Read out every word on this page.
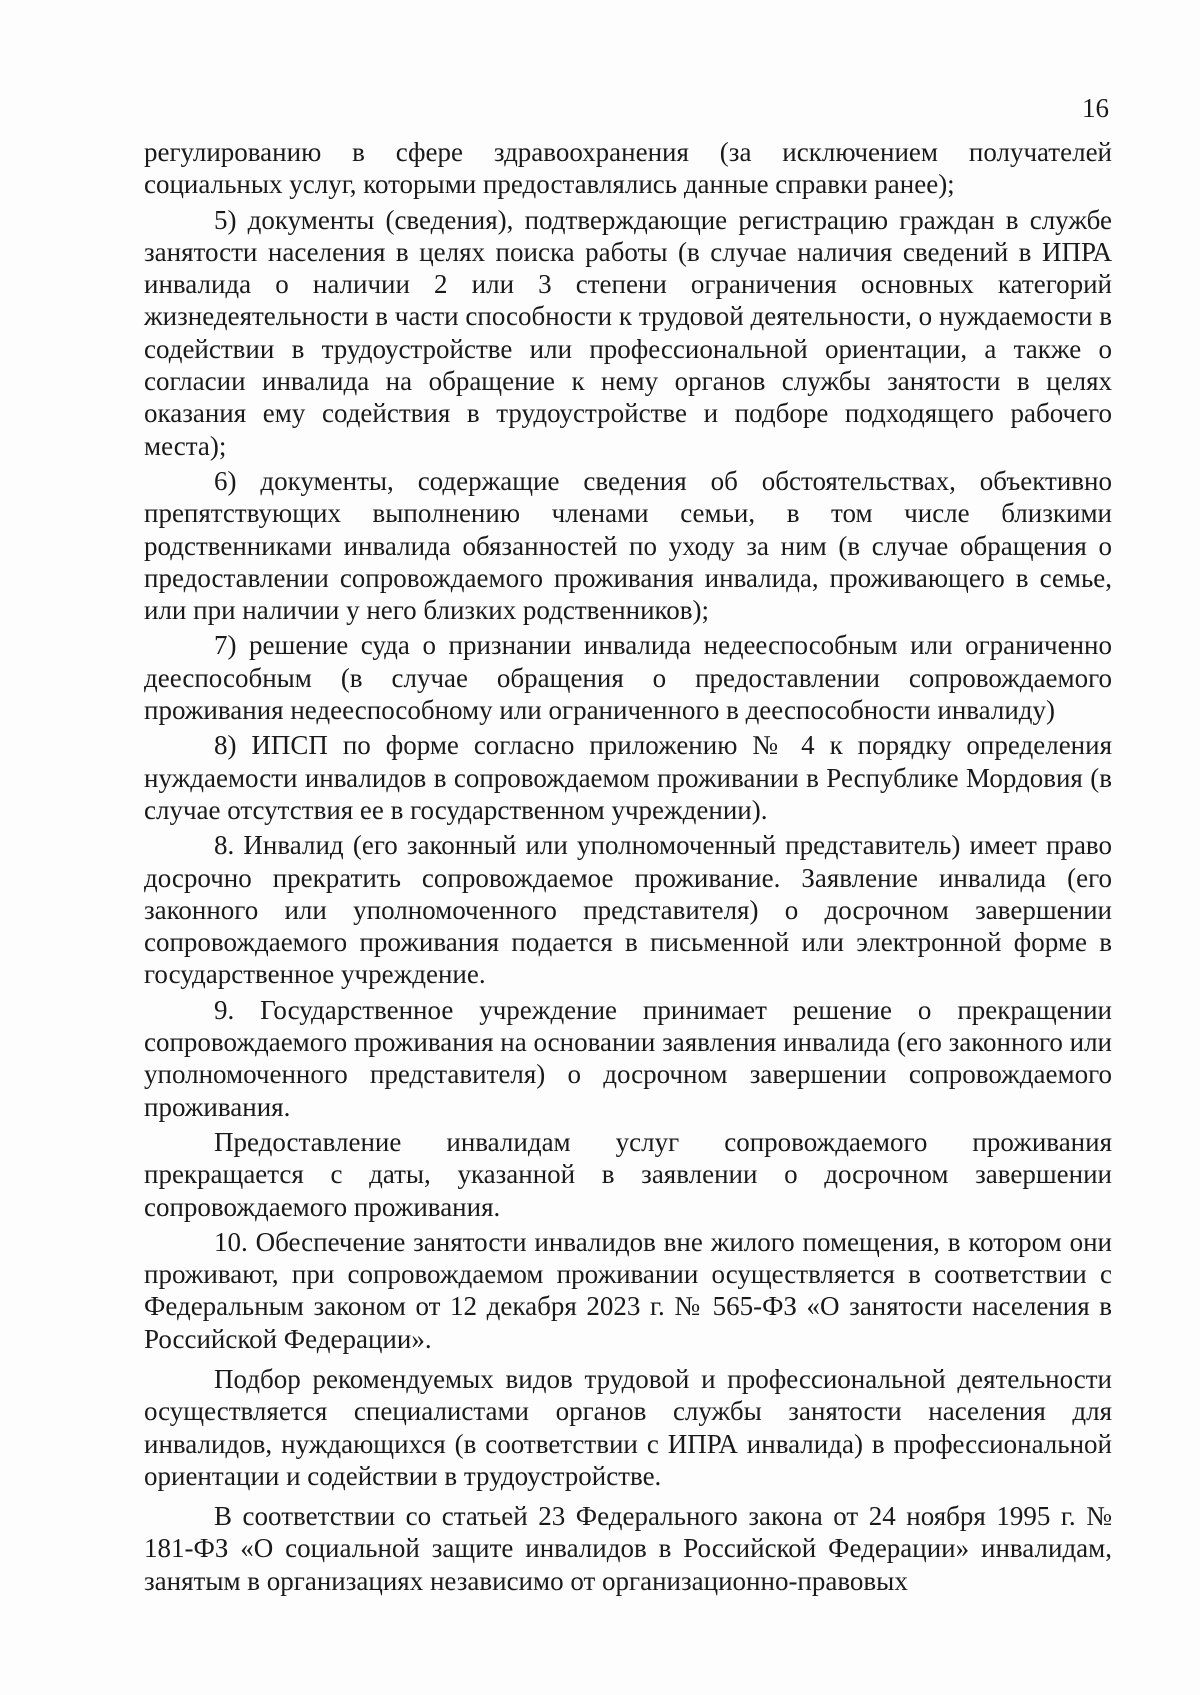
16

регулированию в сфере здравоохранения (за исключением получателей социальных услуг, которыми предоставлялись данные справки ранее);

5) документы (сведения), подтверждающие регистрацию граждан в службе занятости населения в целях поиска работы (в случае наличия сведений в ИПРА инвалида о наличии 2 или 3 степени ограничения основных категорий жизнедеятельности в части способности к трудовой деятельности, о нуждаемости в содействии в трудоустройстве или профессиональной ориентации, а также о согласии инвалида на обращение к нему органов службы занятости в целях оказания ему содействия в трудоустройстве и подборе подходящего рабочего места);

6) документы, содержащие сведения об обстоятельствах, объективно препятствующих выполнению членами семьи, в том числе близкими родственниками инвалида обязанностей по уходу за ним (в случае обращения о предоставлении сопровождаемого проживания инвалида, проживающего в семье, или при наличии у него близких родственников);

7) решение суда о признании инвалида недееспособным или ограниченно дееспособным (в случае обращения о предоставлении сопровождаемого проживания недееспособному или ограниченного в дееспособности инвалиду)

8) ИПСП по форме согласно приложению № 4 к порядку определения нуждаемости инвалидов в сопровождаемом проживании в Республике Мордовия (в случае отсутствия ее в государственном учреждении).

8. Инвалид (его законный или уполномоченный представитель) имеет право досрочно прекратить сопровождаемое проживание. Заявление инвалида (его законного или уполномоченного представителя) о досрочном завершении сопровождаемого проживания подается в письменной или электронной форме в государственное учреждение.

9. Государственное учреждение принимает решение о прекращении сопровождаемого проживания на основании заявления инвалида (его законного или уполномоченного представителя) о досрочном завершении сопровождаемого проживания.

Предоставление инвалидам услуг сопровождаемого проживания прекращается с даты, указанной в заявлении о досрочном завершении сопровождаемого проживания.

10. Обеспечение занятости инвалидов вне жилого помещения, в котором они проживают, при сопровождаемом проживании осуществляется в соответствии с Федеральным законом от 12 декабря 2023 г. № 565-ФЗ «О занятости населения в Российской Федерации».

Подбор рекомендуемых видов трудовой и профессиональной деятельности осуществляется специалистами органов службы занятости населения для инвалидов, нуждающихся (в соответствии с ИПРА инвалида) в профессиональной ориентации и содействии в трудоустройстве.

В соответствии со статьей 23 Федерального закона от 24 ноября 1995 г. № 181-ФЗ «О социальной защите инвалидов в Российской Федерации» инвалидам, занятым в организациях независимо от организационно-правовых
